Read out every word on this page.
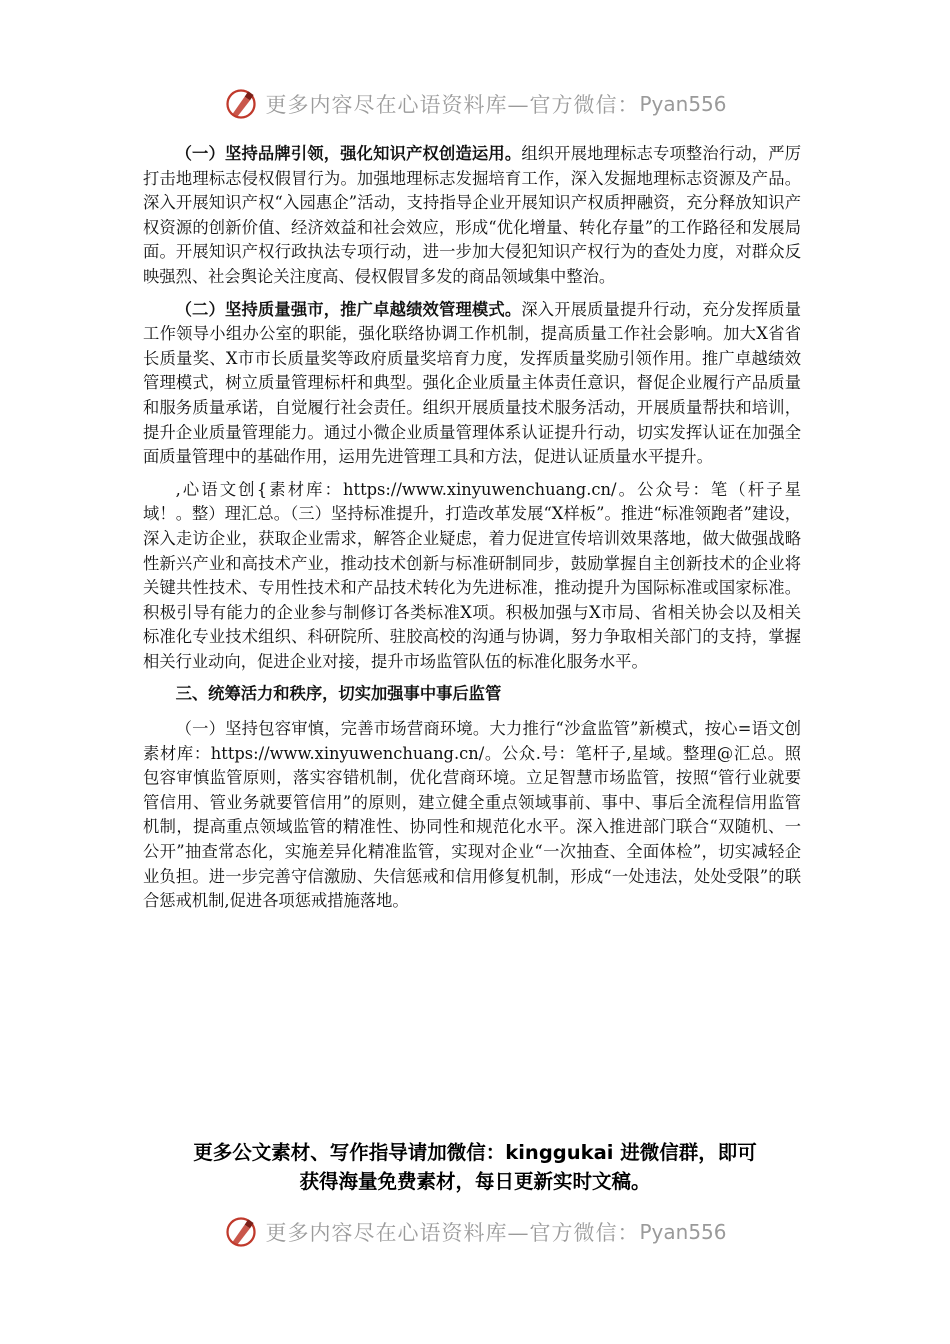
更多内容尽在心语资料库—官方微信： Pyan556

（一）坚持品牌引领，强化知识产权创造运用。组织开展地理标志专项整治行动，严厉打击地理标志侵权假冒行为。加强地理标志发掘培育工作，深入发掘地理标志资源及产品。深入开展知识产权“入园惠企”活动，支持指导企业开展知识产权质押融资，充分释放知识产权资源的创新价值、经济效益和社会效应，形成“优化增量、转化存量”的工作路径和发展局面。开展知识产权行政执法专项行动，进一步加大侵犯知识产权行为的查处力度，对群众反映强烈、社会舆论关注度高、侵权假冒多发的商品领域集中整治。

（二）坚持质量强市，推广卓越绩效管理模式。深入开展质量提升行动，充分发挥质量工作领导小组办公室的职能，强化联络协调工作机制，提高质量工作社会影响。加大X省省长质量奖、X市市长质量奖等政府质量奖培育力度，发挥质量奖励引领作用。推广卓越绩效管理模式，树立质量管理标杆和典型。强化企业质量主体责任意识，督促企业履行产品质量和服务质量承诺，自觉履行社会责任。组织开展质量技术服务活动，开展质量帮扶和培训，提升企业质量管理能力。通过小微企业质量管理体系认证提升行动，切实发挥认证在加强全面质量管理中的基础作用，运用先进管理工具和方法，促进认证质量水平提升。

,心语文创{素材库：https://www.xinyuwenchuang.cn/。公众号：笔（杆子星域！。整）理汇总。（三）坚持标准提升，打造改革发展“X样板”。推进“标准领跑者”建设，深入走访企业，获取企业需求，解答企业疑虑，着力促进宣传培训效果落地，做大做强战略性新兴产业和高技术产业，推动技术创新与标准研制同步，鼓励掌握自主创新技术的企业将关键共性技术、专用性技术和产品技术转化为先进标准，推动提升为国际标准或国家标准。积极引导有能力的企业参与制修订各类标准X项。积极加强与X市局、省相关协会以及相关标准化专业技术组织、科研院所、驻胶高校的沟通与协调，努力争取相关部门的支持，掌握相关行业动向，促进企业对接，提升市场监管队伍的标准化服务水平。

三、统筹活力和秩序，切实加强事中事后监管

（一）坚持包容审慎，完善市场营商环境。大力推行“沙盒监管”新模式，按心=语文创素材库：https://www.xinyuwenchuang.cn/。公众.号：笔杆子,星域。整理@汇总。照包容审慎监管原则，落实容错机制，优化营商环境。立足智慧市场监管，按照“管行业就要管信用、管业务就要管信用”的原则，建立健全重点领域事前、事中、事后全流程信用监管机制，提高重点领域监管的精准性、协同性和规范化水平。深入推进部门联合“双随机、一公开”抽查常态化，实施差异化精准监管，实现对企业“一次抽查、全面体检”，切实减轻企业负担。进一步完善守信激励、失信惩戒和信用修复机制，形成“一处违法，处处受限”的联合惩戒机制,促进各项惩戒措施落地。

更多公文素材、写作指导请加微信：kinggukai 进微信群，即可
获得海量免费素材，每日更新实时文稿。
更多内容尽在心语资料库—官方微信： Pyan556
